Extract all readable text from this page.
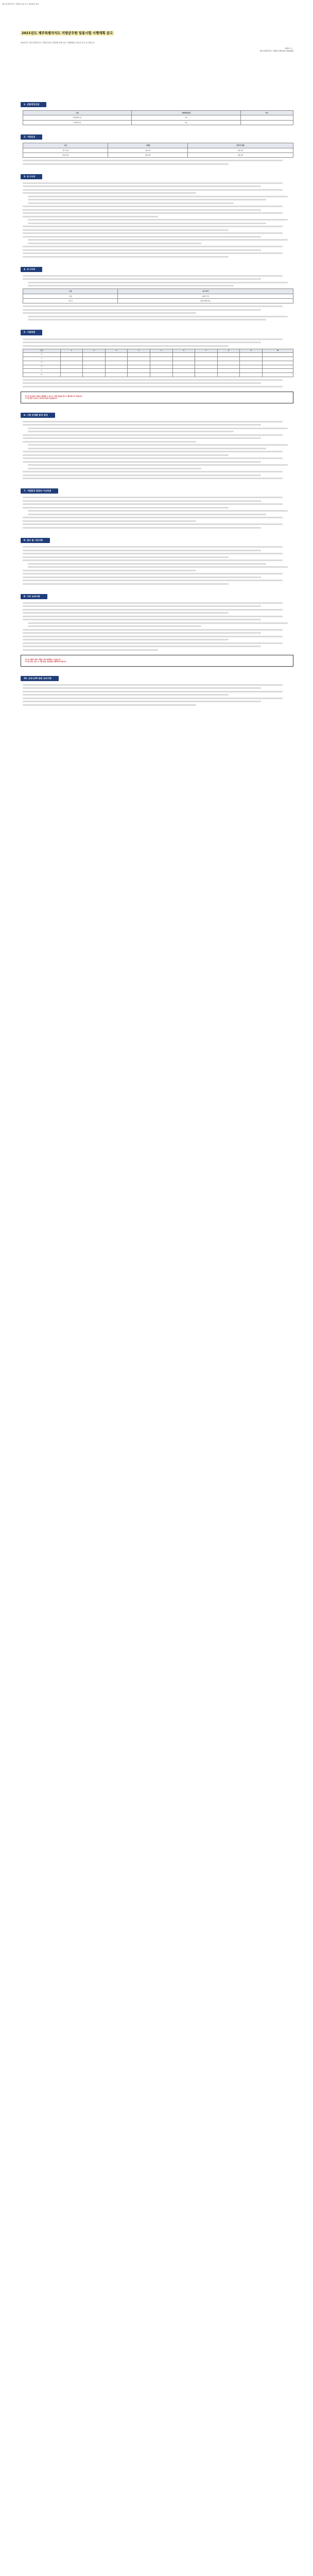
제주특별자치도 지방공무원 공고 제2021-0호
2021년도 제주특별자치도 지방공무원 임용시험 시행계획 공고
2021년도 제주특별자치도 지방공무원 공개경쟁 임용시험 시행계획을 다음과 같이 공고합니다.
2021. 1. .
제주특별자치도 지방공무원임용시험위원회
1. 선발예정인원
구분	선발예정인원	비고
일반행정 9급	00	
지방세 9급	00	
2. 시험일정
구분	시험일	합격자 발표
필기시험	0월 0일	0월 0일
면접시험	0월 0일	0월 0일
3. 응시자격
4. 응시자격
구분	응시자격
연령	18세 이상
거주지	제주특별자치도
5. 시험방법
구분	1	2	3	4	5	6	7	8	9	10
가										
나										
다										
라										
마										
바										
※ 본 공고문의 내용은 변경될 수 있으니 시험 일정을 반드시 확인하시기 바랍니다.
※ 응시원서 접수는 인터넷으로만 가능합니다.
6. 시험 단계별 합격 결정
7. 시험합격 결정의 가산특전
8. 접수 및 기타사항
9. 기타 유의사항
※ 본 시험의 세부 사항은 추후 변경될 수 있습니다.
※ 응시자는 반드시 시험 당일 신분증을 지참하여야 합니다.
10. 코로나19 관련 유의사항
